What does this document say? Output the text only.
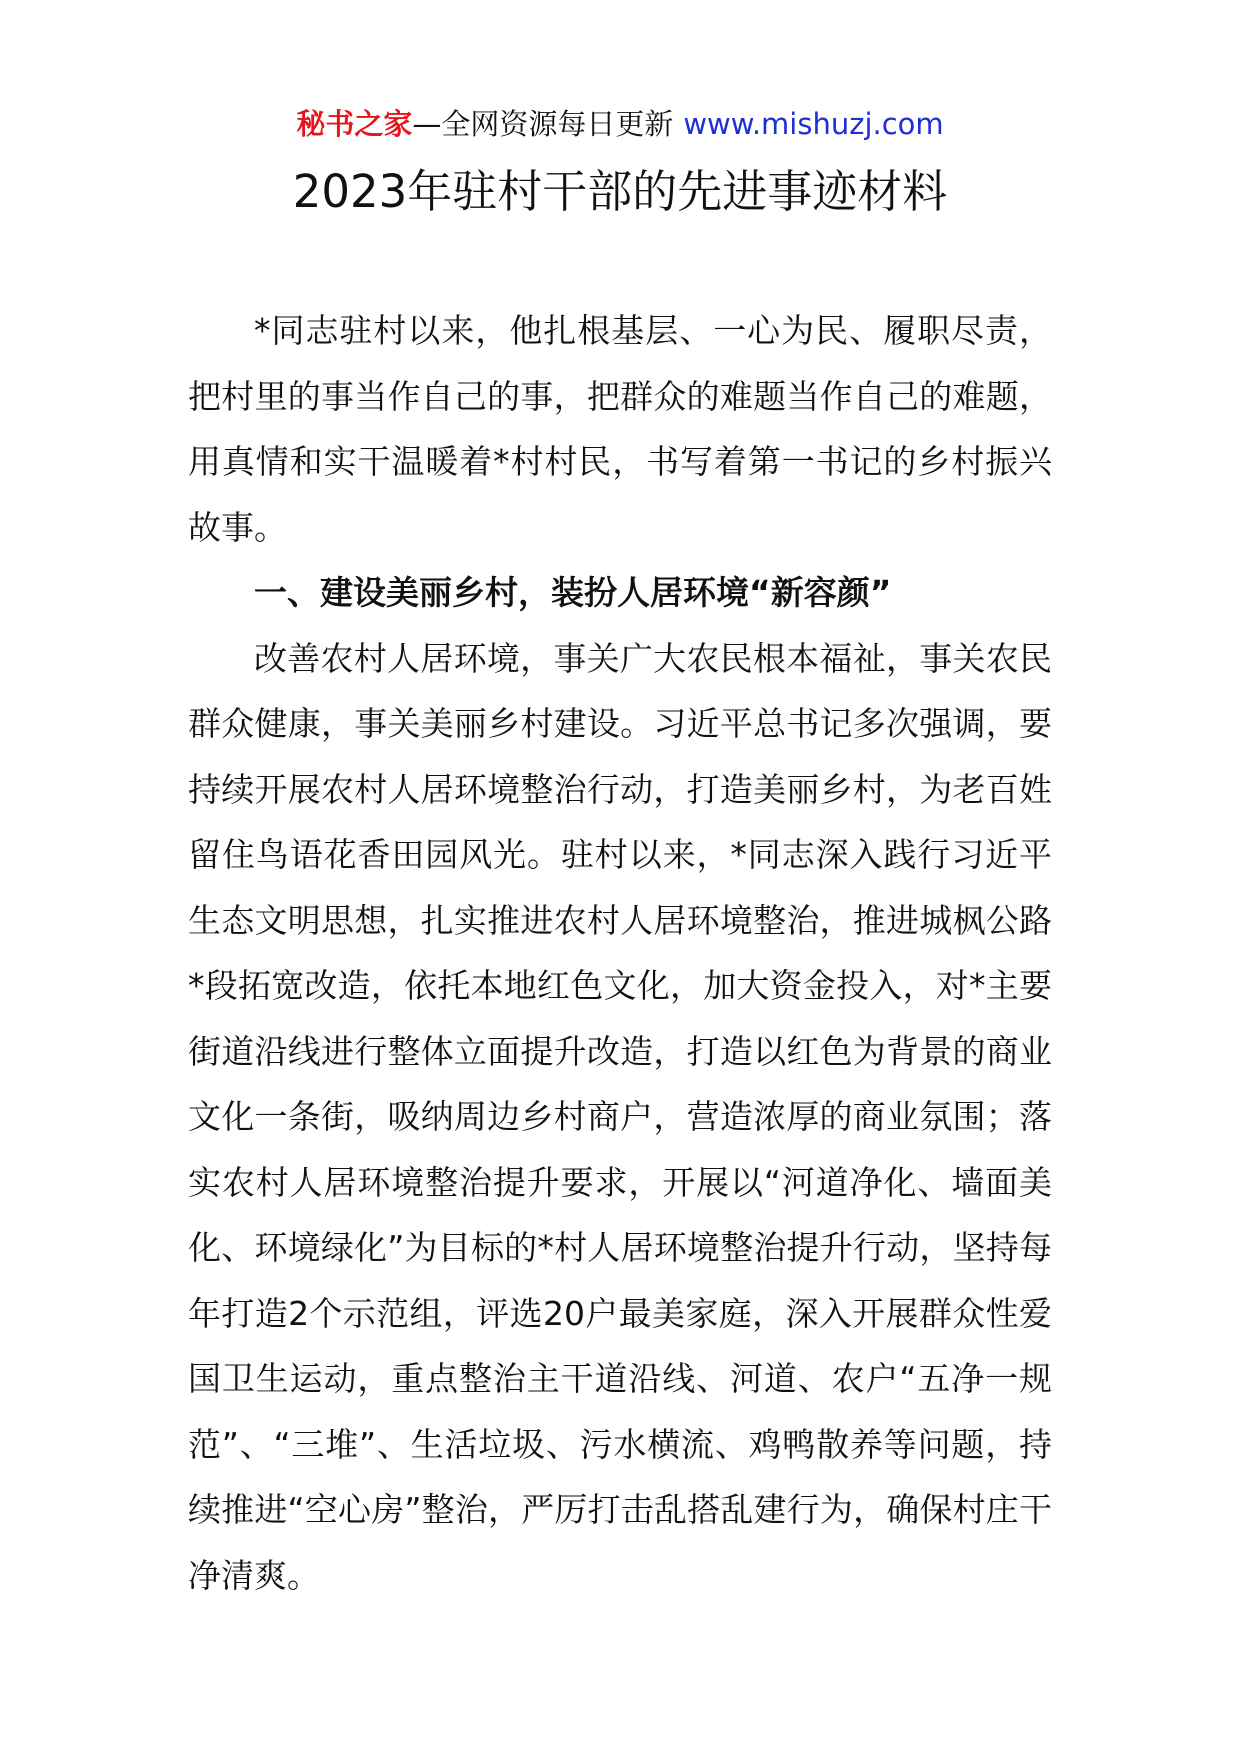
秘书之家—全网资源每日更新 www.mishuzj.com
2023年驻村干部的先进事迹材料

*同志驻村以来，他扎根基层、一心为民、履职尽责，把村里的事当作自己的事，把群众的难题当作自己的难题，用真情和实干温暖着*村村民，书写着第一书记的乡村振兴故事。

一、建设美丽乡村，装扮人居环境“新容颜”

改善农村人居环境，事关广大农民根本福祉，事关农民群众健康，事关美丽乡村建设。习近平总书记多次强调，要持续开展农村人居环境整治行动，打造美丽乡村，为老百姓留住鸟语花香田园风光。驻村以来，*同志深入践行习近平生态文明思想，扎实推进农村人居环境整治，推进城枫公路*段拓宽改造，依托本地红色文化，加大资金投入，对*主要街道沿线进行整体立面提升改造，打造以红色为背景的商业文化一条街，吸纳周边乡村商户，营造浓厚的商业氛围；落实农村人居环境整治提升要求，开展以“河道净化、墙面美化、环境绿化”为目标的*村人居环境整治提升行动，坚持每年打造2个示范组，评选20户最美家庭，深入开展群众性爱国卫生运动，重点整治主干道沿线、河道、农户“五净一规范”、“三堆”、生活垃圾、污水横流、鸡鸭散养等问题，持续推进“空心房”整治，严厉打击乱搭乱建行为，确保村庄干净清爽。
